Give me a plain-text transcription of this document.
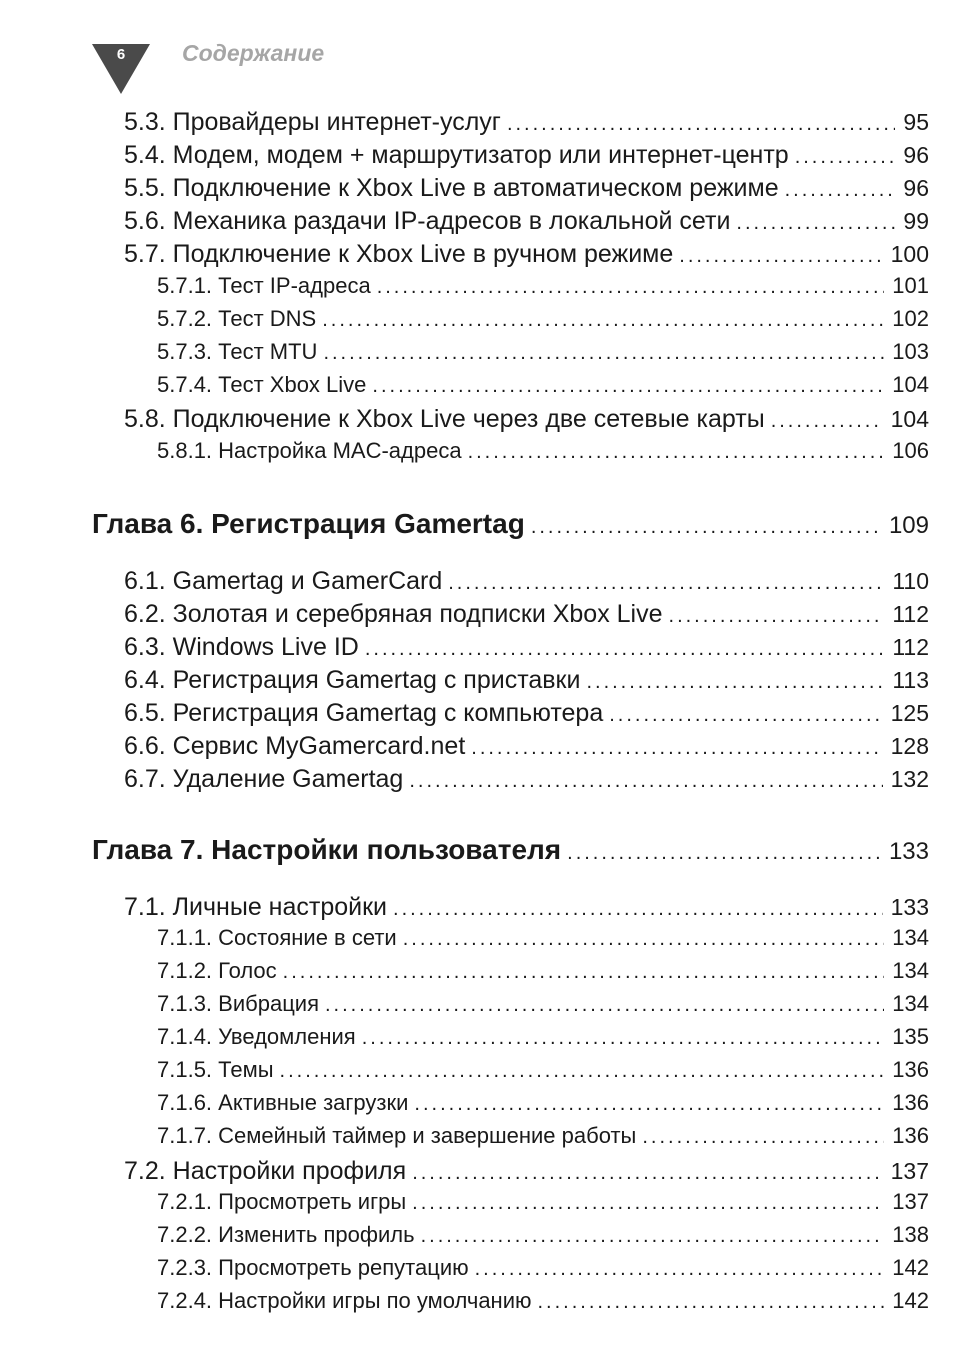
6	Содержание
5.3. Провайдеры интернет-услуг .....	95
5.4. Модем, модем + маршрутизатор или интернет-центр .....	96
5.5. Подключение к Xbox Live в автоматическом режиме .....	96
5.6. Механика раздачи IP-адресов в локальной сети .....	99
5.7. Подключение к Xbox Live в ручном режиме .....	100
5.7.1. Тест IP-адреса .....	101
5.7.2. Тест DNS .....	102
5.7.3. Тест MTU .....	103
5.7.4. Тест Xbox Live .....	104
5.8. Подключение к Xbox Live через две сетевые карты .....	104
5.8.1. Настройка MAC-адреса .....	106
Глава 6. Регистрация Gamertag .....	109
6.1. Gamertag и GamerCard .....	110
6.2. Золотая и серебряная подписки Xbox Live .....	112
6.3. Windows Live ID .....	112
6.4. Регистрация Gamertag с приставки .....	113
6.5. Регистрация Gamertag с компьютера .....	125
6.6. Сервис MyGamercard.net .....	128
6.7. Удаление Gamertag .....	132
Глава 7. Настройки пользователя .....	133
7.1. Личные настройки .....	133
7.1.1. Состояние в сети .....	134
7.1.2. Голос .....	134
7.1.3. Вибрация .....	134
7.1.4. Уведомления .....	135
7.1.5. Темы .....	136
7.1.6. Активные загрузки .....	136
7.1.7. Семейный таймер и завершение работы .....	136
7.2. Настройки профиля .....	137
7.2.1. Просмотреть игры .....	137
7.2.2. Изменить профиль .....	138
7.2.3. Просмотреть репутацию .....	142
7.2.4. Настройки игры по умолчанию .....	142
